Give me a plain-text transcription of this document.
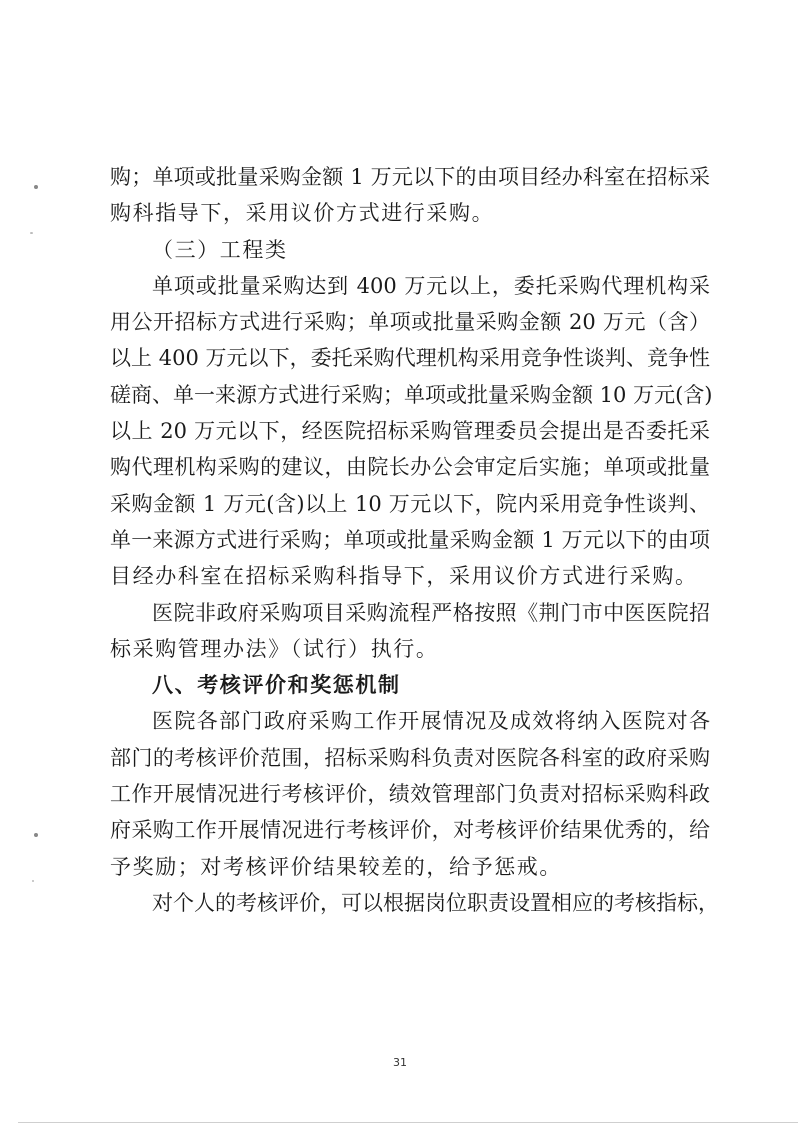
购；单项或批量采购金额 1 万元以下的由项目经办科室在招标采
购科指导下，采用议价方式进行采购。
（三）工程类
单项或批量采购达到 400 万元以上，委托采购代理机构采
用公开招标方式进行采购；单项或批量采购金额 20 万元（含）
以上 400 万元以下，委托采购代理机构采用竞争性谈判、竞争性
磋商、单一来源方式进行采购；单项或批量采购金额 10 万元(含)
以上 20 万元以下，经医院招标采购管理委员会提出是否委托采
购代理机构采购的建议，由院长办公会审定后实施；单项或批量
采购金额 1 万元(含)以上 10 万元以下，院内采用竞争性谈判、
单一来源方式进行采购；单项或批量采购金额 1 万元以下的由项
目经办科室在招标采购科指导下，采用议价方式进行采购。
医院非政府采购项目采购流程严格按照《荆门市中医医院招
标采购管理办法》（试行）执行。
八、考核评价和奖惩机制
医院各部门政府采购工作开展情况及成效将纳入医院对各
部门的考核评价范围，招标采购科负责对医院各科室的政府采购
工作开展情况进行考核评价，绩效管理部门负责对招标采购科政
府采购工作开展情况进行考核评价，对考核评价结果优秀的，给
予奖励；对考核评价结果较差的，给予惩戒。
对个人的考核评价，可以根据岗位职责设置相应的考核指标，
31
